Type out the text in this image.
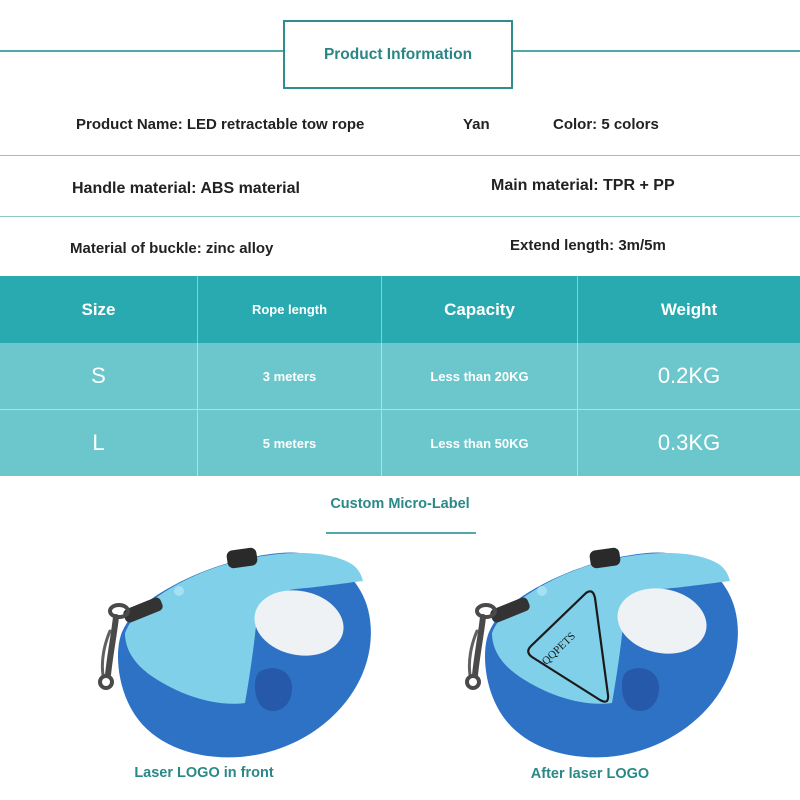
Product Information
Product Name: LED retractable tow rope	Yan	Color: 5 colors
Handle material: ABS material	Main material: TPR + PP
Material of buckle: zinc alloy	Extend length: 3m/5m
Size	Rope length	Capacity	Weight
S	3 meters	Less than 20KG	0.2KG
L	5 meters	Less than 50KG	0.3KG
Custom Micro-Label
QQPETS
Laser LOGO in front	After laser LOGO
